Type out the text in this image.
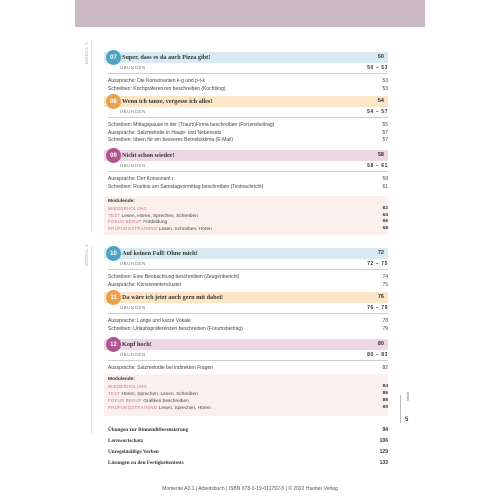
MODUL 3
MODUL 4
Super, dass es da auch Pizza gibt!	50
07
ÜBUNGEN	50 – 53
Aussprache: Die Konsonanten k-g und p-t-k	53
Schreiben: Kochpräferenzen beschreiben (Kochblog)	53
Wenn ich tanze, vergesse ich alles!	54
08
ÜBUNGEN	54 – 57
Schreiben: Mittagspause in der (Traum)Firma beschreiben (Forumsbeitrag)	55
Aussprache: Satzmelodie in Haupt- und Nebensatz	57
Schreiben: Ideen für ein besseres Betriebsklima (E-Mail)	57
Nicht schon wieder!	58
09
ÜBUNGEN	58 – 61
Aussprache: Der Konsonant r	59
Schreiben: Routine am Samstagvormittag beschreiben (Textnachricht)	61
Auf keinen Fall! Ohne mich!	72
10
ÜBUNGEN	72 – 75
Schreiben: Eine Beobachtung beschreiben (Zeugenbericht)	74
Aussprache: Konsonantencluster	75
Da wäre ich jetzt auch gern mit dabei!	76
11
ÜBUNGEN	76 – 79
Aussprache: Lange und kurze Vokale	78
Schreiben: Urlaubspräferenzen beschreiben (Forumsbeitrag)	79
Kopf hoch!	80
12
ÜBUNGEN	80 – 83
Aussprache: Satzmelodie bei indirekten Fragen	82
Modulende:
WIEDERHOLUNG	62
TEST Lesen, Hören, Sprechen, Schreiben	64
FOKUS BERUF Fortbildung	66
PRÜFUNGSTRAINING Lesen, Schreiben, Hören	68
Modulende:
WIEDERHOLUNG	84
TEST Hören, Sprechen, Lesen, Schreiben	86
FOKUS BERUF Grafiken beschreiben	88
PRÜFUNGSTRAINING Lesen, Sprechen, Hören	90
Übungen zur Binnendifferenzierung	94
Lernwortschatz	106
Unregelmäßige Verben	129
Lösungen zu den Fertigkeitentests	133
Inhalt
5
Momente A2.1 | Arbeitsbuch | ISBN 978-3-19-011792-5 | © 2022 Hueber Verlag
